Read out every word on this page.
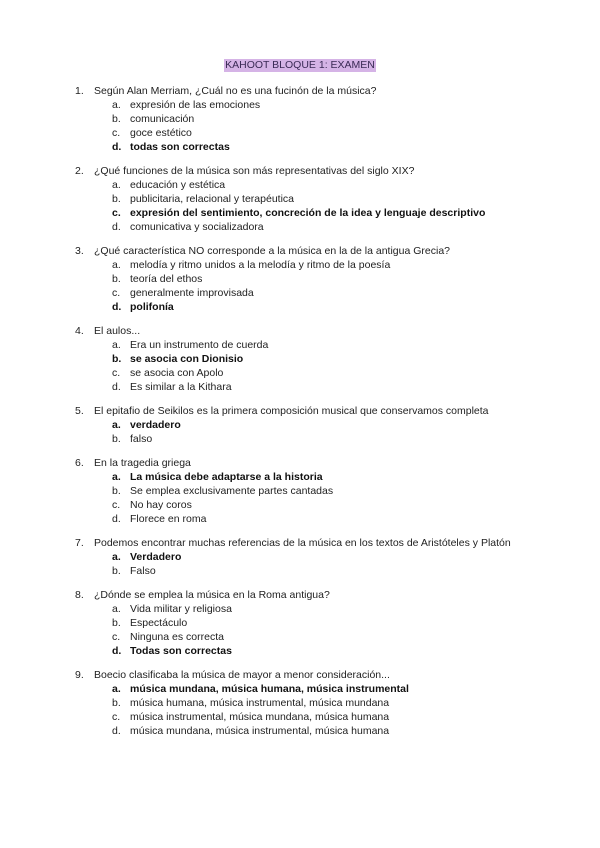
KAHOOT BLOQUE 1: EXAMEN
1. Según Alan Merriam, ¿Cuál no es una fucinón de la música?
a. expresión de las emociones
b. comunicación
c. goce estético
d. todas son correctas
2. ¿Qué funciones de la música son más representativas del siglo XIX?
a. educación y estética
b. publicitaria, relacional y terapéutica
c. expresión del sentimiento, concreción de la idea y lenguaje descriptivo
d. comunicativa y socializadora
3. ¿Qué característica NO corresponde a la música en la de la antigua Grecia?
a. melodía y ritmo unidos a la melodía y ritmo de la poesía
b. teoría del ethos
c. generalmente improvisada
d. polifonía
4. El aulos...
a. Era un instrumento de cuerda
b. se asocia con Dionisio
c. se asocia con Apolo
d. Es similar a la Kithara
5. El epitafio de Seikilos es la primera composición musical que conservamos completa
a. verdadero
b. falso
6. En la tragedia griega
a. La música debe adaptarse a la historia
b. Se emplea exclusivamente partes cantadas
c. No hay coros
d. Florece en roma
7. Podemos encontrar muchas referencias de la música en los textos de Aristóteles y Platón
a. Verdadero
b. Falso
8. ¿Dónde se emplea la música en la Roma antigua?
a. Vida militar y religiosa
b. Espectáculo
c. Ninguna es correcta
d. Todas son correctas
9. Boecio clasificaba la música de mayor a menor consideración...
a. música mundana, música humana, música instrumental
b. música humana, música instrumental, música mundana
c. música instrumental, música mundana, música humana
d. música mundana, música instrumental, música humana
